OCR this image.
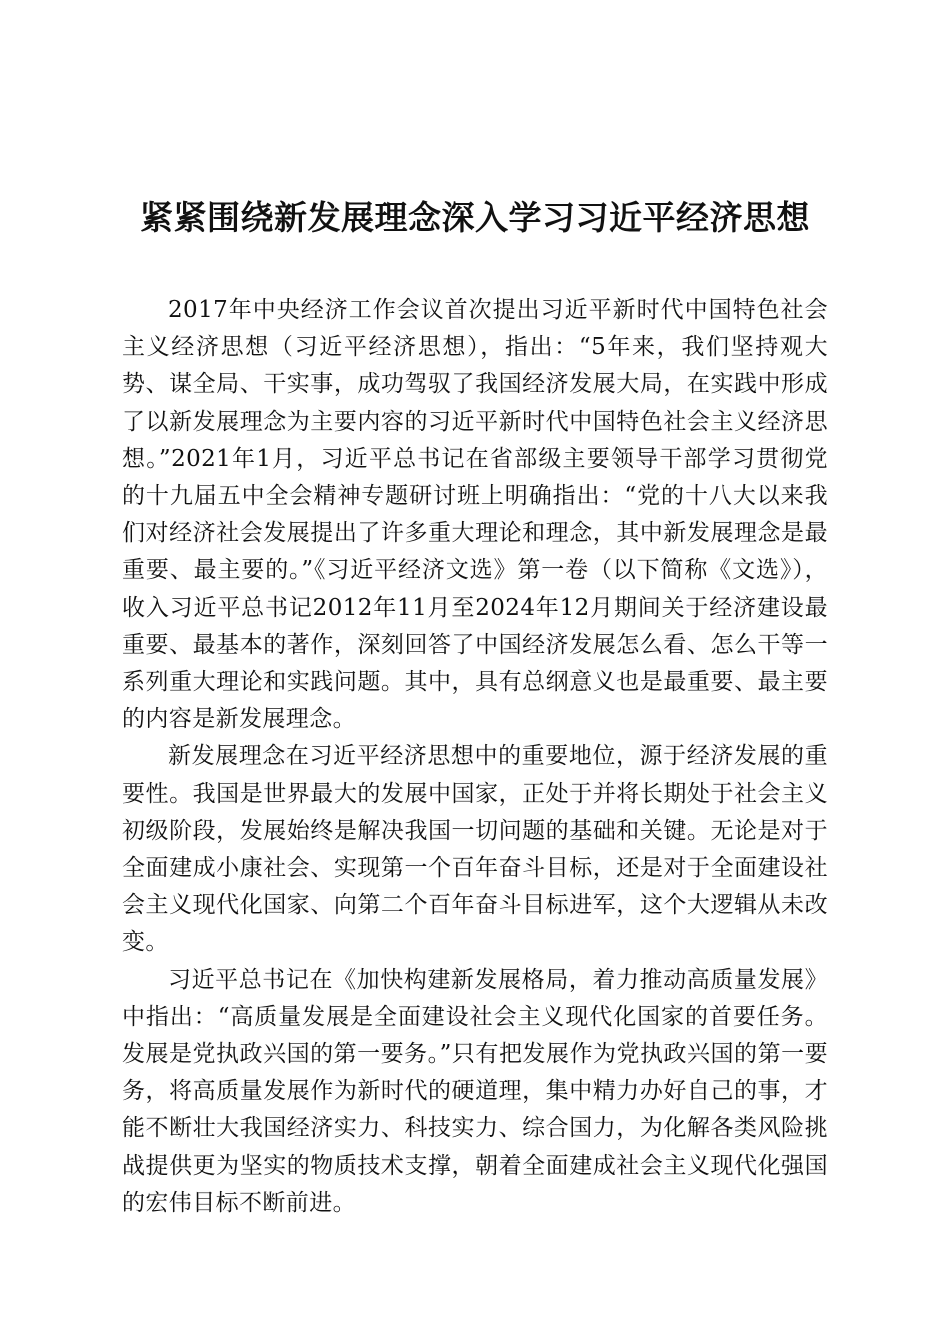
紧紧围绕新发展理念深入学习习近平经济思想

2017年中央经济工作会议首次提出习近平新时代中国特色社会主义经济思想（习近平经济思想），指出：“5年来，我们坚持观大势、谋全局、干实事，成功驾驭了我国经济发展大局，在实践中形成了以新发展理念为主要内容的习近平新时代中国特色社会主义经济思想。”2021年1月，习近平总书记在省部级主要领导干部学习贯彻党的十九届五中全会精神专题研讨班上明确指出：“党的十八大以来我们对经济社会发展提出了许多重大理论和理念，其中新发展理念是最重要、最主要的。”《习近平经济文选》第一卷（以下简称《文选》），收入习近平总书记2012年11月至2024年12月期间关于经济建设最重要、最基本的著作，深刻回答了中国经济发展怎么看、怎么干等一系列重大理论和实践问题。其中，具有总纲意义也是最重要、最主要的内容是新发展理念。

新发展理念在习近平经济思想中的重要地位，源于经济发展的重要性。我国是世界最大的发展中国家，正处于并将长期处于社会主义初级阶段，发展始终是解决我国一切问题的基础和关键。无论是对于全面建成小康社会、实现第一个百年奋斗目标，还是对于全面建设社会主义现代化国家、向第二个百年奋斗目标进军，这个大逻辑从未改变。

习近平总书记在《加快构建新发展格局，着力推动高质量发展》中指出：“高质量发展是全面建设社会主义现代化国家的首要任务。发展是党执政兴国的第一要务。”只有把发展作为党执政兴国的第一要务，将高质量发展作为新时代的硬道理，集中精力办好自己的事，才能不断壮大我国经济实力、科技实力、综合国力，为化解各类风险挑战提供更为坚实的物质技术支撑，朝着全面建成社会主义现代化强国的宏伟目标不断前进。
